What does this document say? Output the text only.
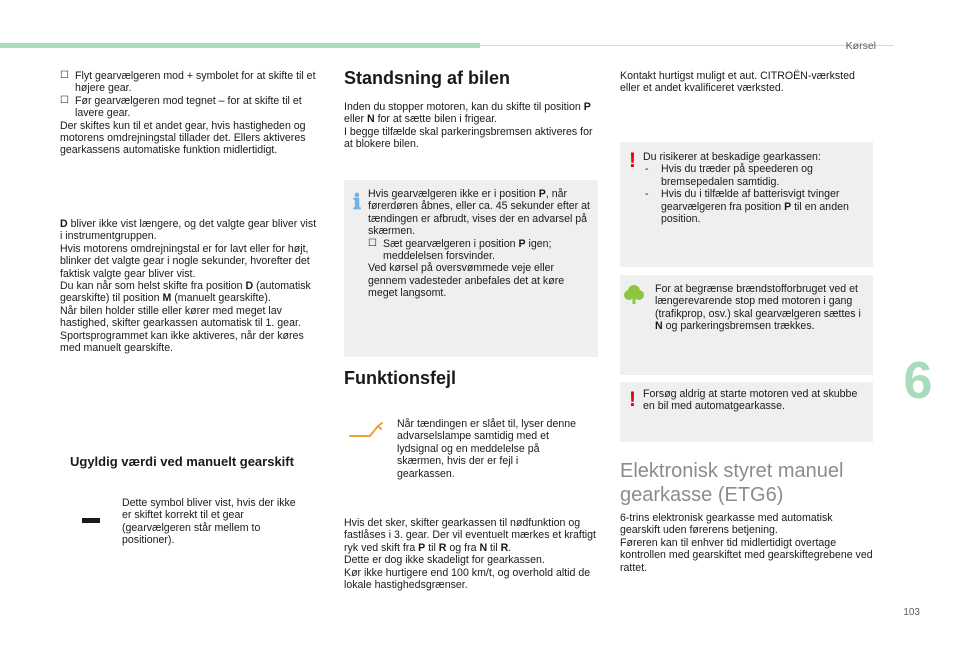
Kørsel
6
103
☐ Flyt gearvælgeren mod + symbolet for at skifte til et højere gear.
☐ Før gearvælgeren mod tegnet – for at skifte til et lavere gear.
Der skiftes kun til et andet gear, hvis hastigheden og motorens omdrejningstal tillader det. Ellers aktiveres gearkassens automatiske funktion midlertidigt.
D bliver ikke vist længere, og det valgte gear bliver vist i instrumentgruppen.
Hvis motorens omdrejningstal er for lavt eller for højt, blinker det valgte gear i nogle sekunder, hvorefter det faktisk valgte gear bliver vist.
Du kan når som helst skifte fra position D (automatisk gearskifte) til position M (manuelt gearskifte).
Når bilen holder stille eller kører med meget lav hastighed, skifter gearkassen automatisk til 1. gear.
Sportsprogrammet kan ikke aktiveres, når der køres med manuelt gearskifte.
Ugyldig værdi ved manuelt gearskift
Dette symbol bliver vist, hvis der ikke er skiftet korrekt til et gear (gearvælgeren står mellem to positioner).
Standsning af bilen
Inden du stopper motoren, kan du skifte til position P eller N for at sætte bilen i frigear.
I begge tilfælde skal parkeringsbremsen aktiveres for at blokere bilen.
ℹ Hvis gearvælgeren ikke er i position P, når førerdøren åbnes, eller ca. 45 sekunder efter at tændingen er afbrudt, vises der en advarsel på skærmen.
☐ Sæt gearvælgeren i position P igen; meddelelsen forsvinder.
Ved kørsel på oversvømmede veje eller gennem vadesteder anbefales det at køre meget langsomt.
Funktionsfejl
Når tændingen er slået til, lyser denne advarselslampe samtidig med et lydsignal og en meddelelse på skærmen, hvis der er fejl i gearkassen.
Hvis det sker, skifter gearkassen til nødfunktion og fastlåses i 3. gear. Der vil eventuelt mærkes et kraftigt ryk ved skift fra P til R og fra N til R.
Dette er dog ikke skadeligt for gearkassen.
Kør ikke hurtigere end 100 km/t, og overhold altid de lokale hastighedsgrænser.
Kontakt hurtigst muligt et aut. CITROËN-værksted eller et andet kvalificeret værksted.
! Du risikerer at beskadige gearkassen:
-	Hvis du træder på speederen og bremsepedalen samtidig.
-	Hvis du i tilfælde af batterisvigt tvinger gearvælgeren fra position P til en anden position.
For at begrænse brændstofforbruget ved et længerevarende stop med motoren i gang (trafikprop, osv.) skal gearvælgeren sættes i N og parkeringsbremsen trækkes.
! Forsøg aldrig at starte motoren ved at skubbe en bil med automatgearkasse.
Elektronisk styret manuel gearkasse (ETG6)
6-trins elektronisk gearkasse med automatisk gearskift uden førerens betjening.
Føreren kan til enhver tid midlertidigt overtage kontrollen med gearskiftet med gearskiftegrebene ved rattet.
